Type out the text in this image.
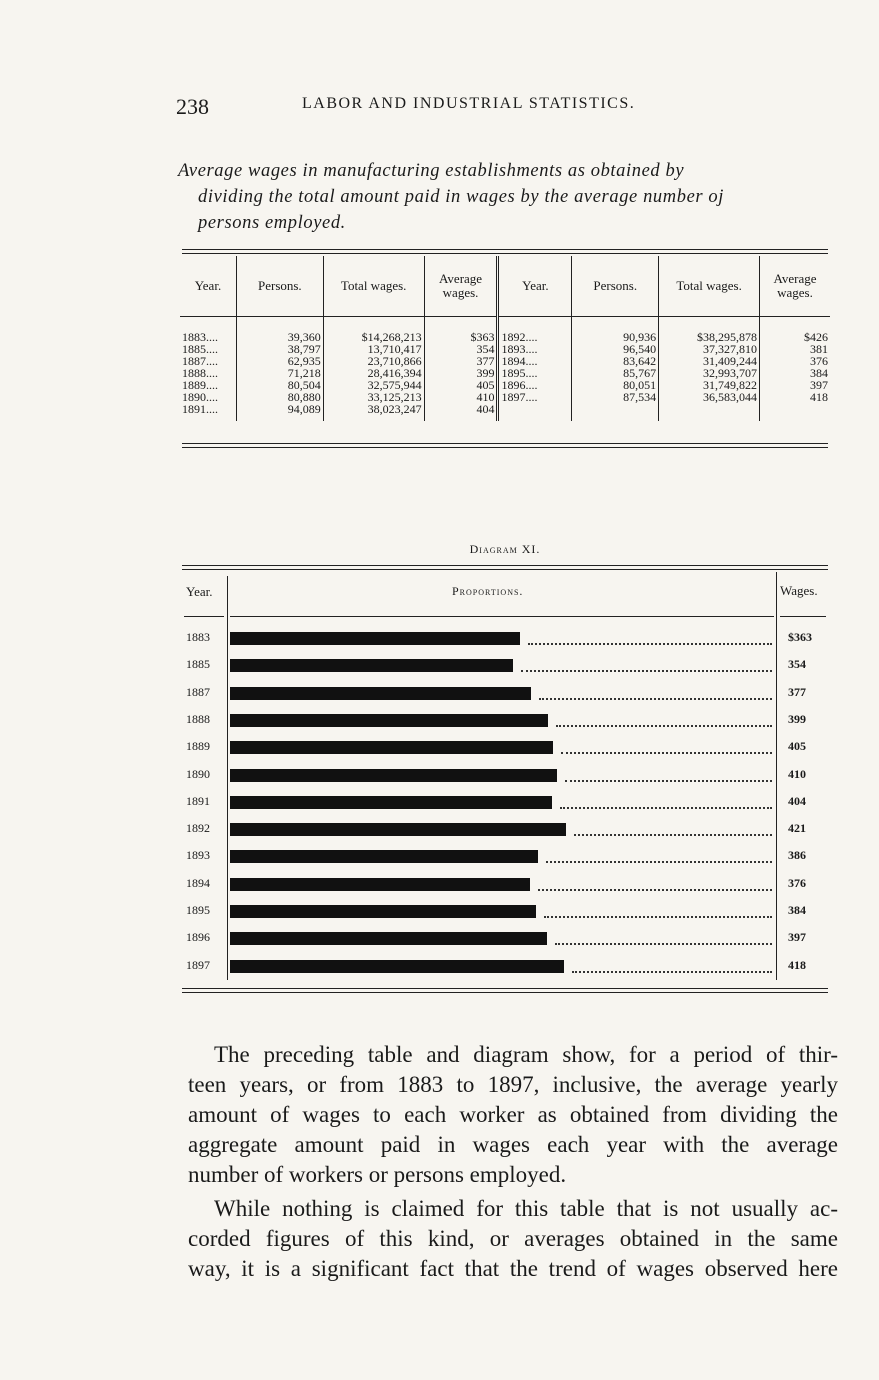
238	LABOR AND INDUSTRIAL STATISTICS.
Average wages in manufacturing establishments as obtained by
dividing the total amount paid in wages by the average number oj
persons employed.
Year.	Persons.	Total wages.	Average wages.	Year.	Persons.	Total wages.	Average wages.
1883....	39,360	$14,268,213	$363	1892....	90,936	$38,295,878	$426
1885....	38,797	13,710,417	354	1893....	96,540	37,327,810	381
1887....	62,935	23,710,866	377	1894....	83,642	31,409,244	376
1888....	71,218	28,416,394	399	1895....	85,767	32,993,707	384
1889....	80,504	32,575,944	405	1896....	80,051	31,749,822	397
1890....	80,880	33,125,213	410	1897....	87,534	36,583,044	418
1891....	94,089	38,023,247	404				
Diagram XI.
Year.	Proportions.	Wages.
1883	$363
1885	354
1887	377
1888	399
1889	405
1890	410
1891	404
1892	421
1893	386
1894	376
1895	384
1896	397
1897	418
The preceding table and diagram show, for a period of thir-
teen years, or from 1883 to 1897, inclusive, the average yearly
amount of wages to each worker as obtained from dividing the
aggregate amount paid in wages each year with the average
number of workers or persons employed.
While nothing is claimed for this table that is not usually ac-
corded figures of this kind, or averages obtained in the same
way, it is a significant fact that the trend of wages observed here
